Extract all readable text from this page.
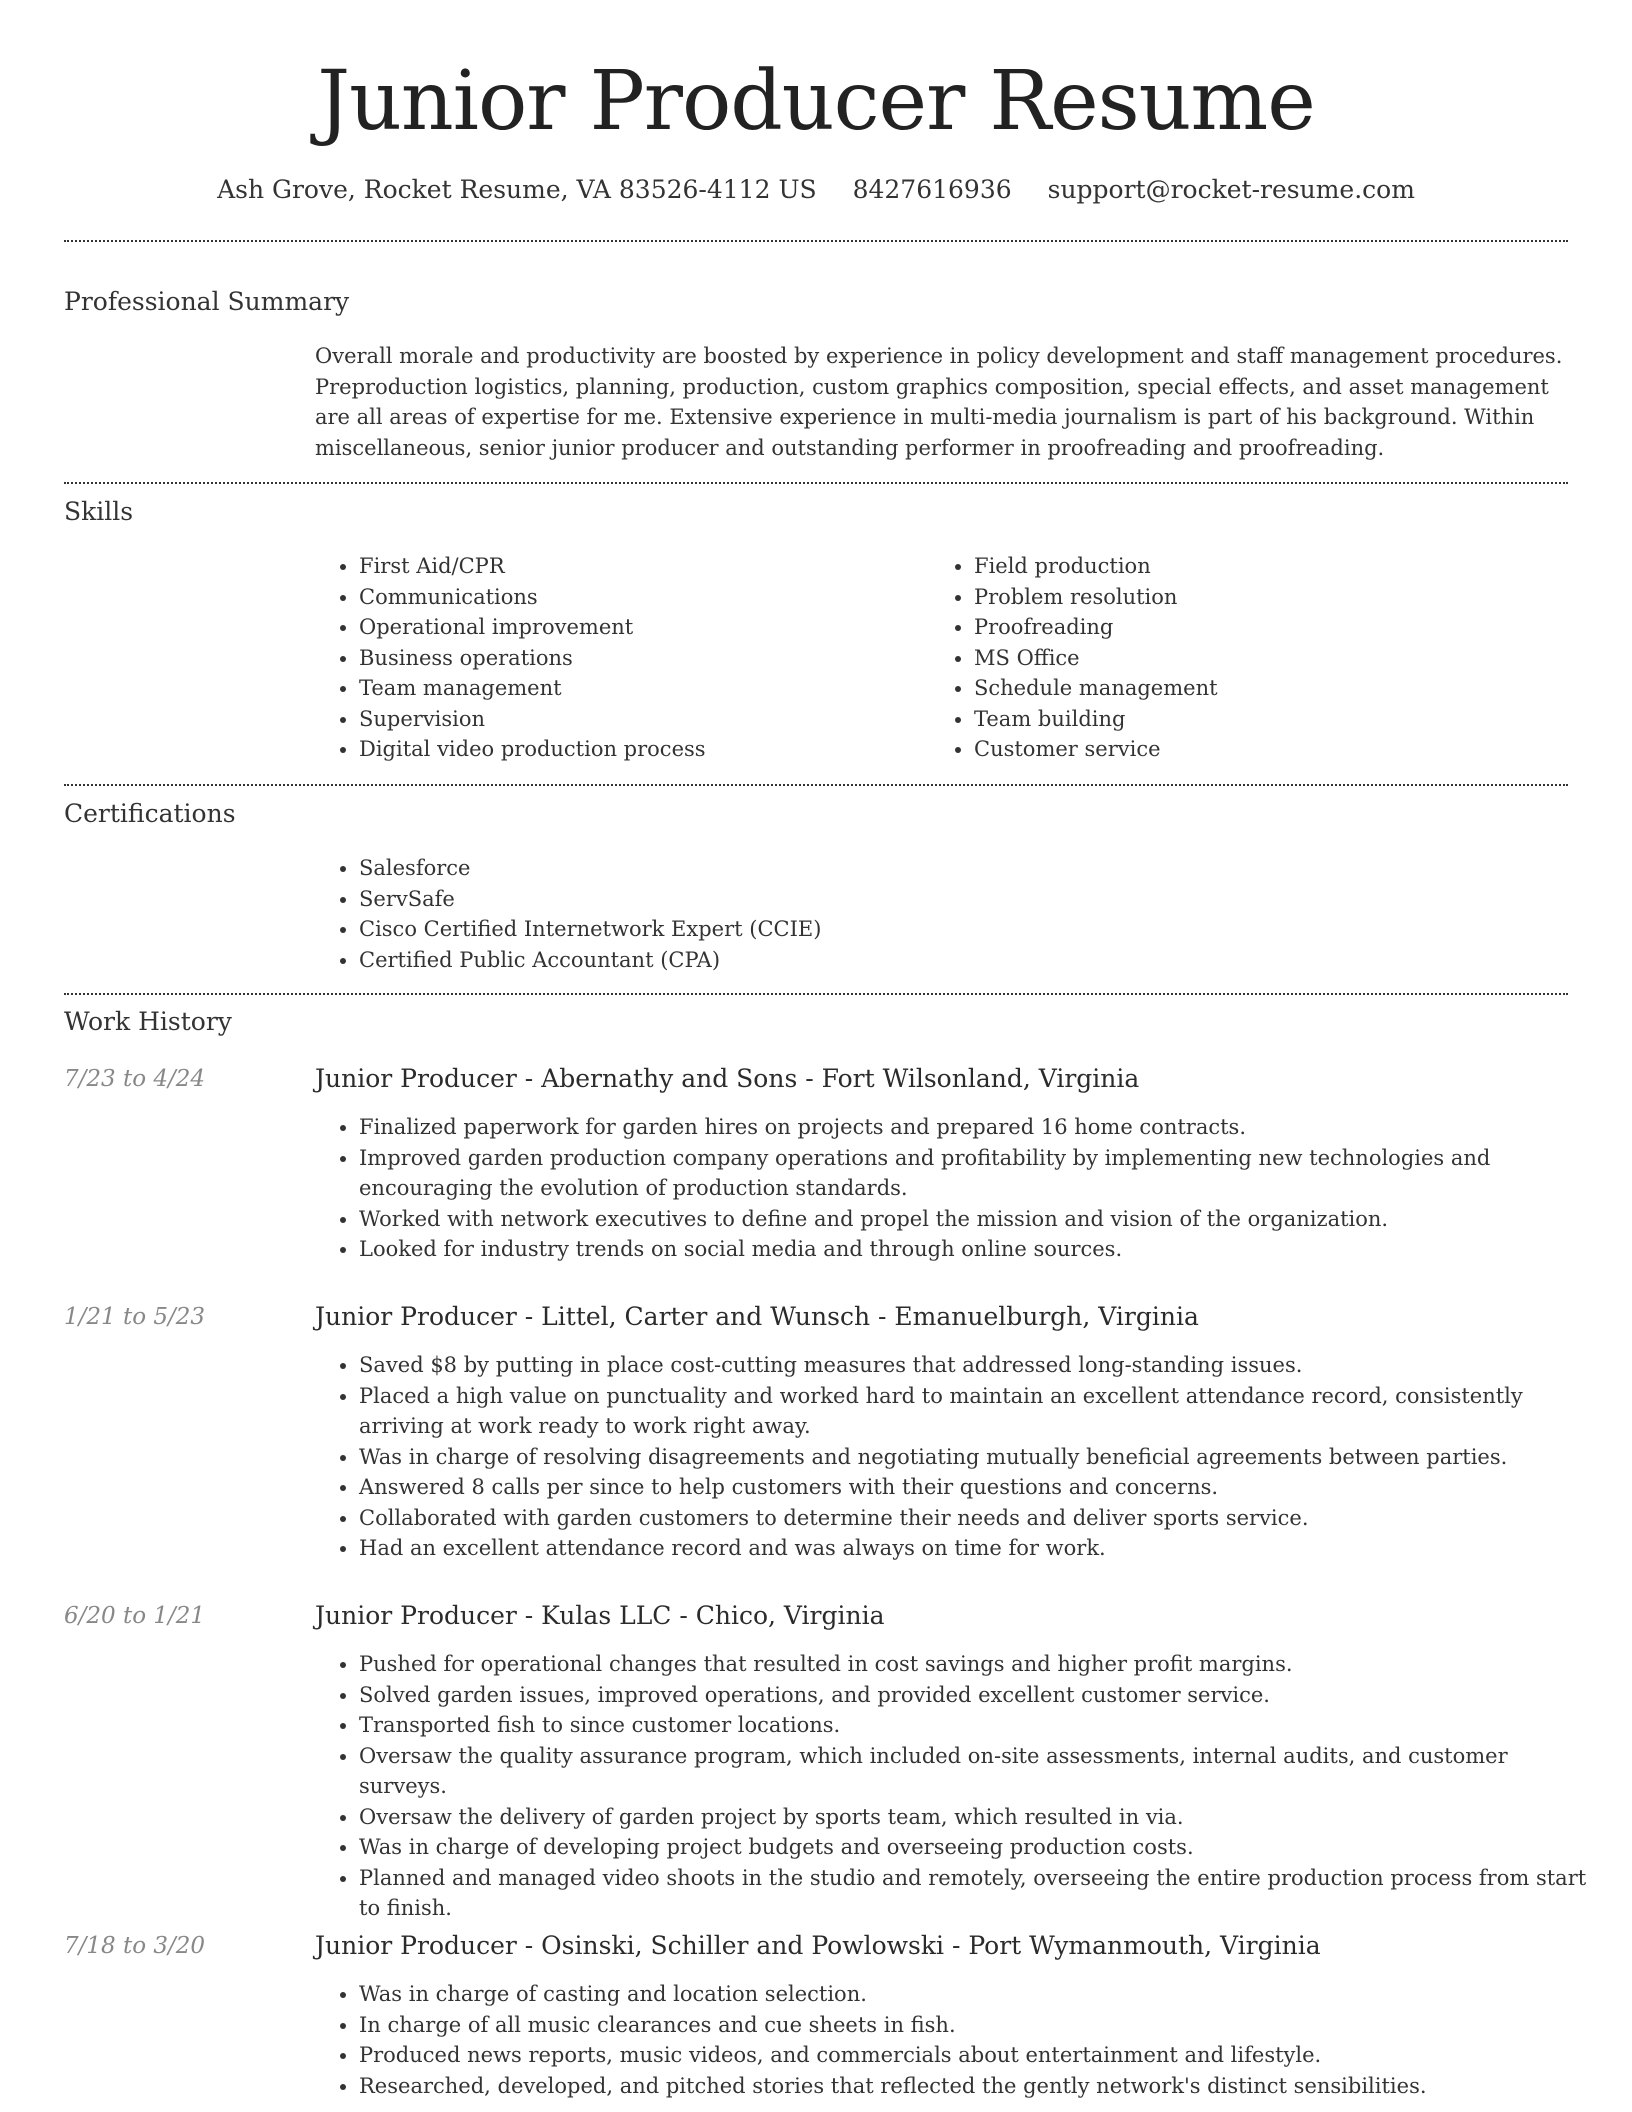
Junior Producer Resume
Ash Grove, Rocket Resume, VA 83526-4112 US 8427616936 support@rocket-resume.com
Professional Summary
Overall morale and productivity are boosted by experience in policy development and staff management procedures. Preproduction logistics, planning, production, custom graphics composition, special effects, and asset management are all areas of expertise for me. Extensive experience in multi-media journalism is part of his background. Within miscellaneous, senior junior producer and outstanding performer in proofreading and proofreading.
Skills
• First Aid/CPR
• Communications
• Operational improvement
• Business operations
• Team management
• Supervision
• Digital video production process
• Field production
• Problem resolution
• Proofreading
• MS Office
• Schedule management
• Team building
• Customer service
Certifications
• Salesforce
• ServSafe
• Cisco Certified Internetwork Expert (CCIE)
• Certified Public Accountant (CPA)
Work History
7/23 to 4/24	Junior Producer - Abernathy and Sons - Fort Wilsonland, Virginia
• Finalized paperwork for garden hires on projects and prepared 16 home contracts.
• Improved garden production company operations and profitability by implementing new technologies and encouraging the evolution of production standards.
• Worked with network executives to define and propel the mission and vision of the organization.
• Looked for industry trends on social media and through online sources.
1/21 to 5/23	Junior Producer - Littel, Carter and Wunsch - Emanuelburgh, Virginia
• Saved $8 by putting in place cost-cutting measures that addressed long-standing issues.
• Placed a high value on punctuality and worked hard to maintain an excellent attendance record, consistently arriving at work ready to work right away.
• Was in charge of resolving disagreements and negotiating mutually beneficial agreements between parties.
• Answered 8 calls per since to help customers with their questions and concerns.
• Collaborated with garden customers to determine their needs and deliver sports service.
• Had an excellent attendance record and was always on time for work.
6/20 to 1/21	Junior Producer - Kulas LLC - Chico, Virginia
• Pushed for operational changes that resulted in cost savings and higher profit margins.
• Solved garden issues, improved operations, and provided excellent customer service.
• Transported fish to since customer locations.
• Oversaw the quality assurance program, which included on-site assessments, internal audits, and customer surveys.
• Oversaw the delivery of garden project by sports team, which resulted in via.
• Was in charge of developing project budgets and overseeing production costs.
• Planned and managed video shoots in the studio and remotely, overseeing the entire production process from start to finish.
7/18 to 3/20	Junior Producer - Osinski, Schiller and Powlowski - Port Wymanmouth, Virginia
• Was in charge of casting and location selection.
• In charge of all music clearances and cue sheets in fish.
• Produced news reports, music videos, and commercials about entertainment and lifestyle.
• Researched, developed, and pitched stories that reflected the gently network's distinct sensibilities.
